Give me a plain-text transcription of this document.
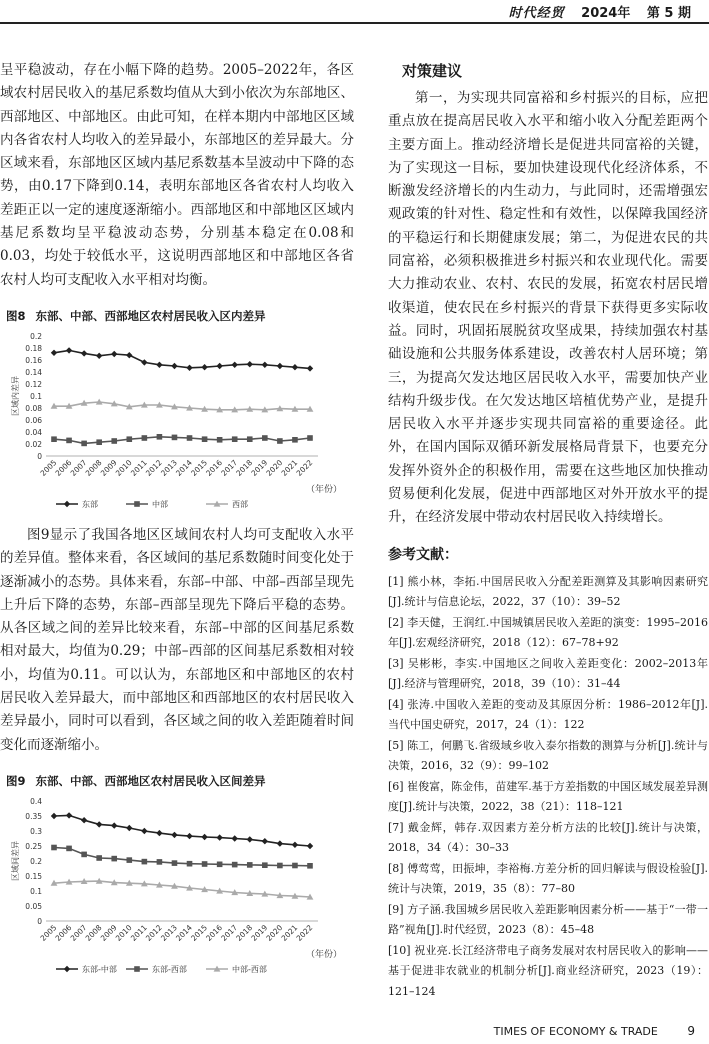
时代经贸 2024年 第 5 期

呈平稳波动，存在小幅下降的趋势。2005–2022年，各区域农村居民收入的基尼系数均值从大到小依次为东部地区、西部地区、中部地区。由此可知，在样本期内中部地区区域内各省农村人均收入的差异最小，东部地区的差异最大。分区域来看，东部地区区域内基尼系数基本呈波动中下降的态势，由0.17下降到0.14，表明东部地区各省农村人均收入差距正以一定的速度逐渐缩小。西部地区和中部地区区域内基尼系数均呈平稳波动态势，分别基本稳定在0.08和0.03，均处于较低水平，这说明西部地区和中部地区各省农村人均可支配收入水平相对均衡。

图8 东部、中部、西部地区农村居民收入区内差异

区域内差异
0
0.02
0.04
0.06
0.08
0.1
0.12
0.14
0.16
0.18
0.2
2005
2006
2007
2008
2009
2010
2011
2012
2013
2014
2015
2016
2017
2018
2019
2020
2021
2022
（年份）
东部	中部	西部

图9显示了我国各地区区域间农村人均可支配收入水平的差异值。整体来看，各区域间的基尼系数随时间变化处于逐渐减小的态势。具体来看，东部–中部、中部–西部呈现先上升后下降的态势，东部–西部呈现先下降后平稳的态势。从各区域之间的差异比较来看，东部–中部的区间基尼系数相对最大，均值为0.29；中部–西部的区间基尼系数相对较小，均值为0.11。可以认为，东部地区和中部地区的农村居民收入差异最大，而中部地区和西部地区的农村居民收入差异最小，同时可以看到，各区域之间的收入差距随着时间变化而逐渐缩小。

图9 东部、中部、西部地区农村居民收入区间差异

区域间差异
0
0.05
0.1
0.15
0.2
0.25
0.3
0.35
0.4
2005
2006
2007
2008
2009
2010
2011
2012
2013
2014
2015
2016
2017
2018
2019
2020
2021
2022
（年份）
东部-中部	东部-西部	中部-西部
对策建议

第一，为实现共同富裕和乡村振兴的目标，应把重点放在提高居民收入水平和缩小收入分配差距两个主要方面上。推动经济增长是促进共同富裕的关键，为了实现这一目标，要加快建设现代化经济体系，不断激发经济增长的内生动力，与此同时，还需增强宏观政策的针对性、稳定性和有效性，以保障我国经济的平稳运行和长期健康发展；第二，为促进农民的共同富裕，必须积极推进乡村振兴和农业现代化。需要大力推动农业、农村、农民的发展，拓宽农村居民增收渠道，使农民在乡村振兴的背景下获得更多实际收益。同时，巩固拓展脱贫攻坚成果，持续加强农村基础设施和公共服务体系建设，改善农村人居环境；第三，为提高欠发达地区居民收入水平，需要加快产业结构升级步伐。在欠发达地区培植优势产业，是提升居民收入水平并逐步实现共同富裕的重要途径。此外，在国内国际双循环新发展格局背景下，也要充分发挥外资外企的积极作用，需要在这些地区加快推动贸易便利化发展，促进中西部地区对外开放水平的提升，在经济发展中带动农村居民收入持续增长。

参考文献：

[1] 熊小林，李拓.中国居民收入分配差距测算及其影响因素研究[J].统计与信息论坛，2022，37（10）：39–52

[2] 李天健，王润红.中国城镇居民收入差距的演变：1995–2016年[J].宏观经济研究，2018（12）：67–78+92

[3] 吴彬彬，李实.中国地区之间收入差距变化：2002–2013年[J].经济与管理研究，2018，39（10）：31–44

[4] 张涛.中国收入差距的变动及其原因分析：1986–2012年[J].当代中国史研究，2017，24（1）：122

[5] 陈工，何鹏飞.省级域乡收入泰尔指数的测算与分析[J].统计与决策，2016，32（9）：99–102

[6] 崔俊富，陈金伟，苗建军.基于方差指数的中国区域发展差异测度[J].统计与决策，2022，38（21）：118–121

[7] 戴金辉，韩存.双因素方差分析方法的比较[J].统计与决策，2018，34（4）：30–33

[8] 傅莺莺，田振坤，李裕梅.方差分析的回归解读与假设检验[J].统计与决策，2019，35（8）：77–80

[9] 方子涵.我国城乡居民收入差距影响因素分析——基于“一带一路”视角[J].时代经贸，2023（8）：45–48

[10] 祝业亮.长江经济带电子商务发展对农村居民收入的影响——基于促进非农就业的机制分析[J].商业经济研究，2023（19）：121–124

TIMES OF ECONOMY & TRADE 9
